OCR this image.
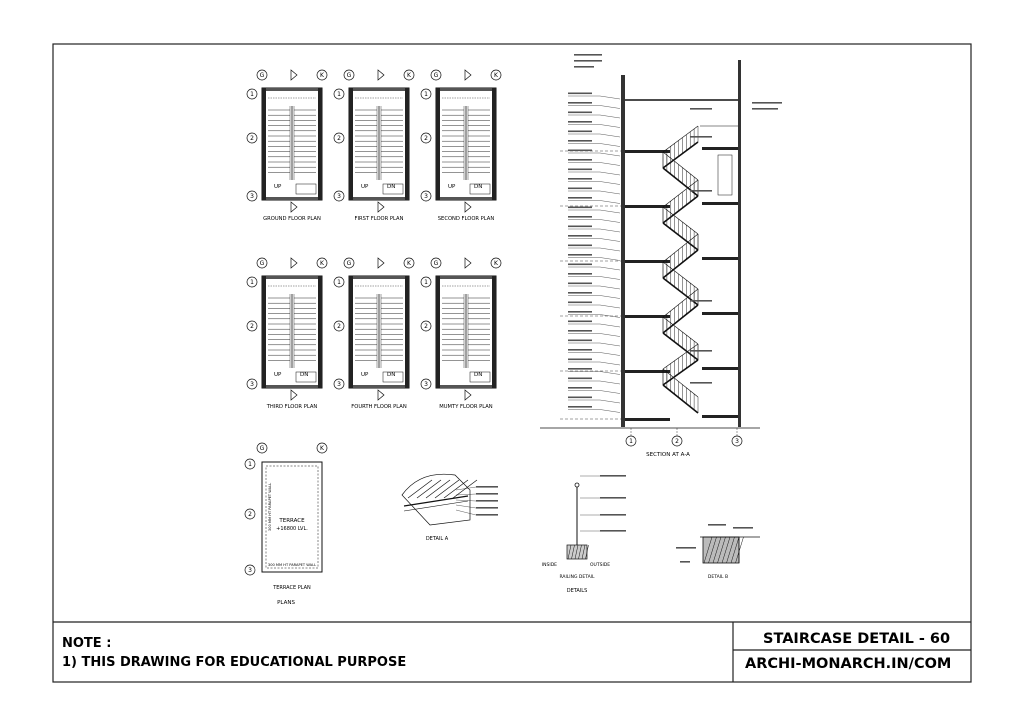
G	K
1
2
3
UP
GROUND FLOOR PLAN
G	K
1
2
3
UP	DN
FIRST FLOOR PLAN
G	K
1
2
3
UP	DN
SECOND FLOOR PLAN
G	K
1
2
3
UP	DN
THIRD FLOOR PLAN
G	K
1
2
3
UP	DN
FOURTH FLOOR PLAN
G	K
1
2
3
DN
MUMTY FLOOR PLAN
G	K
1
2
3
TERRACE
+16800 LVL.
300 MM HT PARAPET WALL
300 MM HT PARAPET WALL
TERRACE PLAN
PLANS
1	2	3
SECTION AT A-A
DETAIL A
INSIDE	OUTSIDE
RAILING DETAIL
DETAILS
DETAIL B
NOTE :
1) THIS DRAWING FOR EDUCATIONAL PURPOSE
STAIRCASE DETAIL - 60
ARCHI-MONARCH.IN/COM
